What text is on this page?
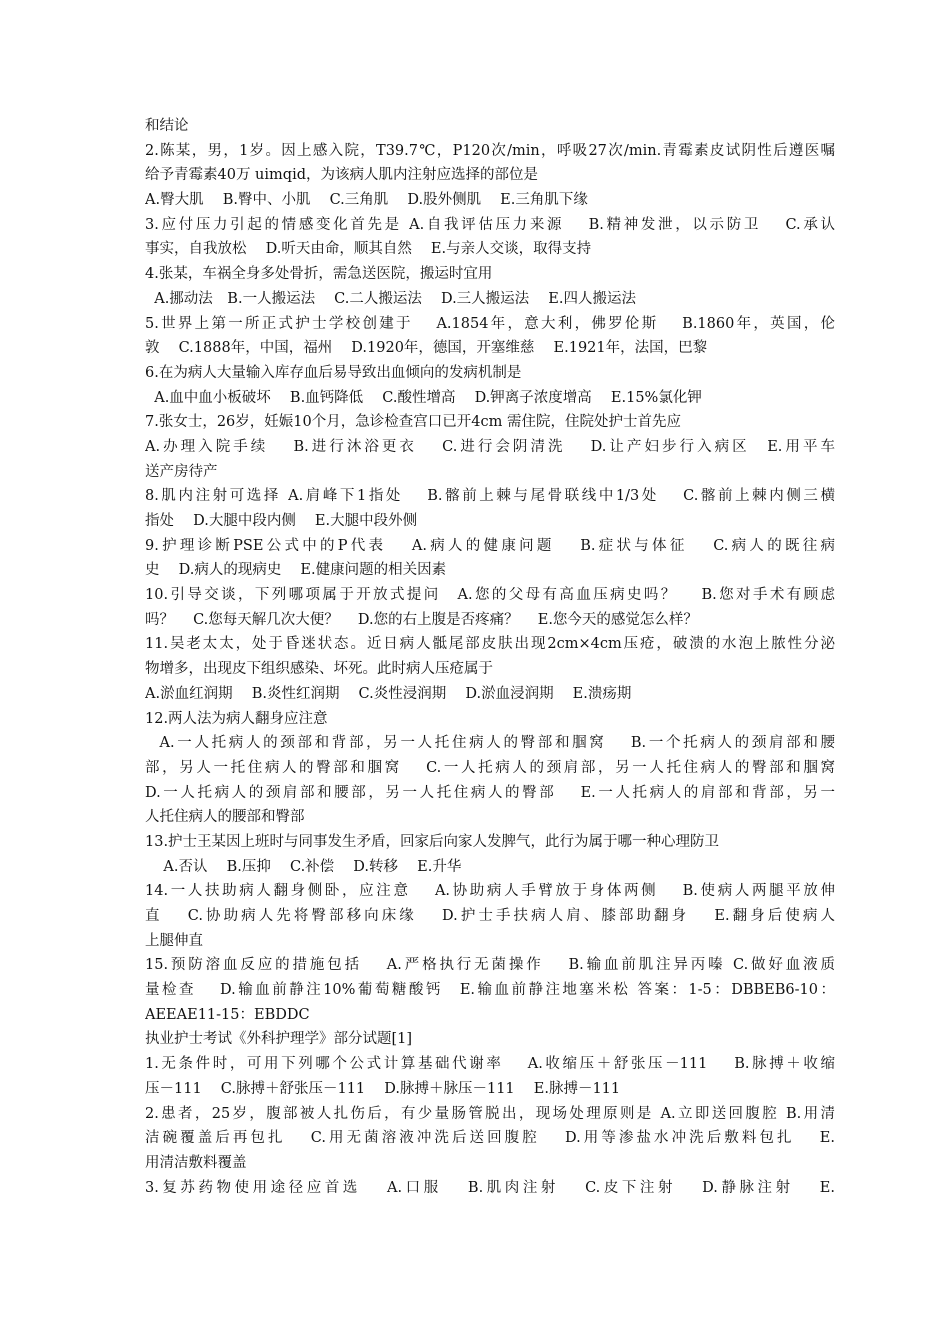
和结论
2.陈某，男，1岁。因上感入院，T39.7℃，P120次/min，呼吸27次/min.青霉素皮试阴性后遵医嘱
给予青霉素40万 uimqid，为该病人肌内注射应选择的部位是
A.臀大肌　 B.臀中、小肌　 C.三角肌　 D.股外侧肌　 E.三角肌下缘
3.应付压力引起的情感变化首先是 A.自我评估压力来源　 B.精神发泄，以示防卫　 C.承认
事实，自我放松　 D.听天由命，顺其自然　 E.与亲人交谈，取得支持
4.张某，车祸全身多处骨折，需急送医院，搬运时宜用
A.挪动法　B.一人搬运法　 C.二人搬运法　 D.三人搬运法　 E.四人搬运法
5.世界上第一所正式护士学校创建于　 A.1854年，意大利，佛罗伦斯　 B.1860年，英国，伦
敦　 C.1888年，中国，福州　 D.1920年，德国，开塞维慈　 E.1921年，法国，巴黎
6.在为病人大量输入库存血后易导致出血倾向的发病机制是
A.血中血小板破坏　 B.血钙降低　 C.酸性增高　 D.钾离子浓度增高　 E.15%氯化钾
7.张女士，26岁，妊娠10个月，急诊检查宫口已开4cm 需住院，住院处护士首先应
A.办理入院手续　 B.进行沐浴更衣　 C.进行会阴清洗　 D.让产妇步行入病区　E.用平车
送产房待产
8.肌内注射可选择 A.肩峰下1指处　 B.髂前上棘与尾骨联线中1/3处　 C.髂前上棘内侧三横
指处　 D.大腿中段内侧　 E.大腿中段外侧
9.护理诊断PSE公式中的P代表　 A.病人的健康问题　 B.症状与体征　 C.病人的既往病
史　 D.病人的现病史　 E.健康问题的相关因素
10.引导交谈，下列哪项属于开放式提问　A.您的父母有高血压病史吗？　 B.您对手术有顾虑
吗？　 C.您每天解几次大便？　 D.您的右上腹是否疼痛？　 E.您今天的感觉怎么样？
11.吴老太太，处于昏迷状态。近日病人骶尾部皮肤出现2cm×4cm压疮，破溃的水泡上脓性分泌
物增多，出现皮下组织感染、坏死。此时病人压疮属于
A.淤血红润期　 B.炎性红润期　 C.炎性浸润期　 D.淤血浸润期　 E.溃疡期
12.两人法为病人翻身应注意
A.一人托病人的颈部和背部，另一人托住病人的臀部和腘窝　 B.一个托病人的颈肩部和腰
部，另人一托住病人的臀部和腘窝　 C.一人托病人的颈肩部，另一人托住病人的臀部和腘窝
D.一人托病人的颈肩部和腰部，另一人托住病人的臀部　 E.一人托病人的肩部和背部，另一
人托住病人的腰部和臀部
13.护士王某因上班时与同事发生矛盾，回家后向家人发脾气，此行为属于哪一种心理防卫
A.否认　 B.压抑　 C.补偿　 D.转移　 E.升华
14.一人扶助病人翻身侧卧，应注意　 A.协助病人手臂放于身体两侧　 B.使病人两腿平放伸
直　 C.协助病人先将臀部移向床缘　 D.护士手扶病人肩、膝部助翻身　 E.翻身后使病人
上腿伸直
15.预防溶血反应的措施包括　 A.严格执行无菌操作　 B.输血前肌注异丙嗪 C.做好血液质
量检查　 D.输血前静注10%葡萄糖酸钙　E.输血前静注地塞米松 答案：1-5：DBBEB6-10：
AEEAE11-15：EBDDC
执业护士考试《外科护理学》部分试题[1]
1.无条件时，可用下列哪个公式计算基础代谢率　 A.收缩压＋舒张压－111　 B.脉搏＋收缩
压－111　 C.脉搏＋舒张压－111　 D.脉搏＋脉压－111　 E.脉搏－111
2.患者，25岁，腹部被人扎伤后，有少量肠管脱出，现场处理原则是 A.立即送回腹腔 B.用清
洁碗覆盖后再包扎　 C.用无菌溶液冲洗后送回腹腔　 D.用等渗盐水冲洗后敷料包扎　 E.
用清洁敷料覆盖
3.复苏药物使用途径应首选　 A.口服　 B.肌肉注射　 C.皮下注射　 D.静脉注射　 E.
